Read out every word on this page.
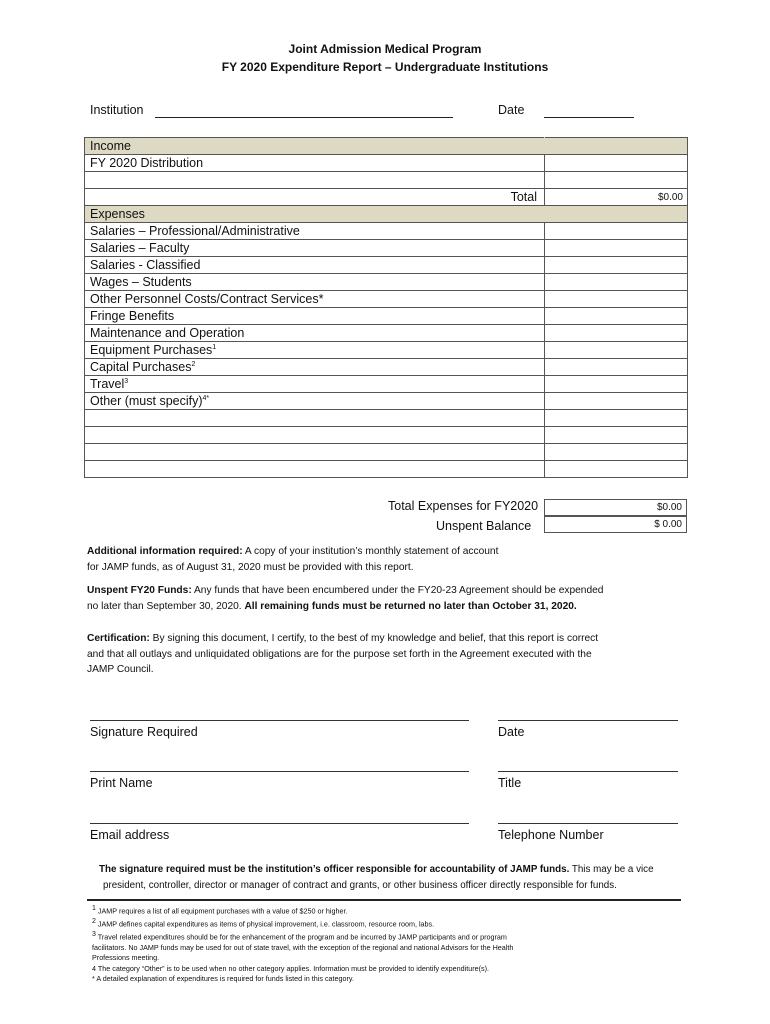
Joint Admission Medical Program
FY 2020 Expenditure Report – Undergraduate Institutions
Institution	Date
Income	
FY 2020 Distribution	

Total	$0.00
Expenses	
Salaries – Professional/Administrative	
Salaries – Faculty	
Salaries - Classified	
Wages – Students	
Other Personnel Costs/Contract Services*	
Fringe Benefits	
Maintenance and Operation	
Equipment Purchases$^1$	
Capital Purchases$^2$	
Travel$^3$	
Other (must specify)$^{4*}$	

Total Expenses for FY2020	$0.00
Unspent Balance	$ 0.00
Additional information required: A copy of your institution’s monthly statement of account
for JAMP funds, as of August 31, 2020 must be provided with this report.
Unspent FY20 Funds: Any funds that have been encumbered under the FY20-23 Agreement should be expended
no later than September 30, 2020. All remaining funds must be returned no later than October 31, 2020.
Certification: By signing this document, I certify, to the best of my knowledge and belief, that this report is correct
and that all outlays and unliquidated obligations are for the purpose set forth in the Agreement executed with the
JAMP Council.
Signature Required	Date
Print Name	Title
Email address	Telephone Number
The signature required must be the institution’s officer responsible for accountability of JAMP funds. This may be a vice
president, controller, director or manager of contract and grants, or other business officer directly responsible for funds.
$^1$ JAMP requires a list of all equipment purchases with a value of $250 or higher.
$^2$ JAMP defines capital expenditures as items of physical improvement, i.e. classroom, resource room, labs.
$^3$ Travel related expenditures should be for the enhancement of the program and be incurred by JAMP participants and or program
facilitators. No JAMP funds may be used for out of state travel, with the exception of the regional and national Advisors for the Health
Professions meeting.
4 The category “Other” is to be used when no other category applies. Information must be provided to identify expenditure(s).
* A detailed explanation of expenditures is required for funds listed in this category.
